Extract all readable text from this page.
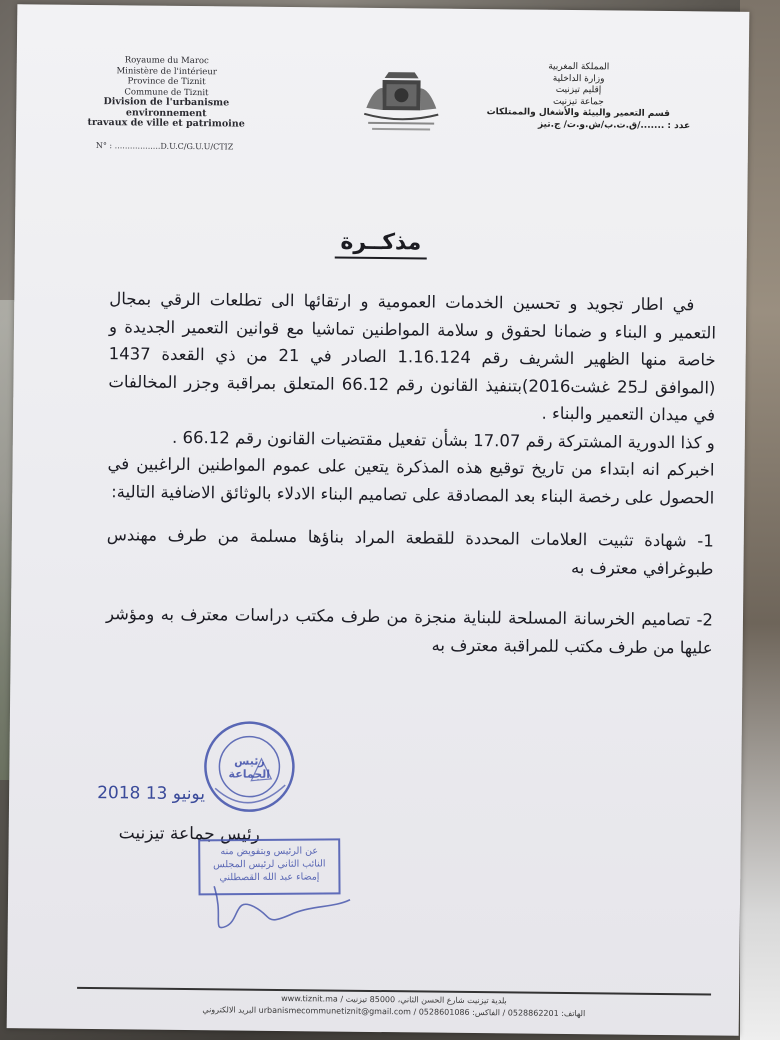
Royaume du Maroc
Ministère de l'intérieur
Province de Tiznit
Commune de Tiznit
Division de l'urbanisme environnement
travaux de ville et patrimoine
N° : ..................D.U.C/G.U.U/CTIZ
المملكة المغربية
وزارة الداخلية
إقليم تيزنيت
جماعة تيزنيت
قسم التعمير والبيئة والأشغال والممتلكات
عدد : ......./ق.ت.ب/ش.و.ت/ ج.تيز
مذكــرة

في اطار تجويد و تحسين الخدمات العمومية و ارتقائها الى تطلعات الرقي بمجال التعمير و البناء و ضمانا لحقوق و سلامة المواطنين تماشيا مع قوانين التعمير الجديدة و خاصة منها الظهير الشريف رقم 1.16.124 الصادر في 21 من ذي القعدة 1437 (الموافق لـ25 غشت2016)بتنفيذ القانون رقم 66.12 المتعلق بمراقبة وجزر المخالفات في ميدان التعمير والبناء .

و كذا الدورية المشتركة رقم 17.07 بشأن تفعيل مقتضيات القانون رقم 66.12 .

اخبركم انه ابتداء من تاريخ توقيع هذه المذكرة يتعين على عموم المواطنين الراغبين في الحصول على رخصة البناء بعد المصادقة على تصاميم البناء الادلاء بالوثائق الاضافية التالية:

1- شهادة تثبيت العلامات المحددة للقطعة المراد بناؤها مسلمة من طرف مهندس طبوغرافي معترف به

2- تصاميم الخرسانة المسلحة للبناية منجزة من طرف مكتب دراسات معترف به ومؤشر عليها من طرف مكتب للمراقبة معترف به

رئيس الجماعة
2018 يونيو 13
رئيس جماعة تيزنيت
عن الرئيس وبتفويض منه
النائب الثاني لرئيس المجلس
إمضاء عبد الله القصطلني
بلدية تيزنيت شارع الحسن الثاني، 85000 تيزنيت / www.tiznit.ma
الهاتف: 0528862201 / الفاكس: 0528601086 / urbanismecommunetiznit@gmail.com البريد الالكتروني
